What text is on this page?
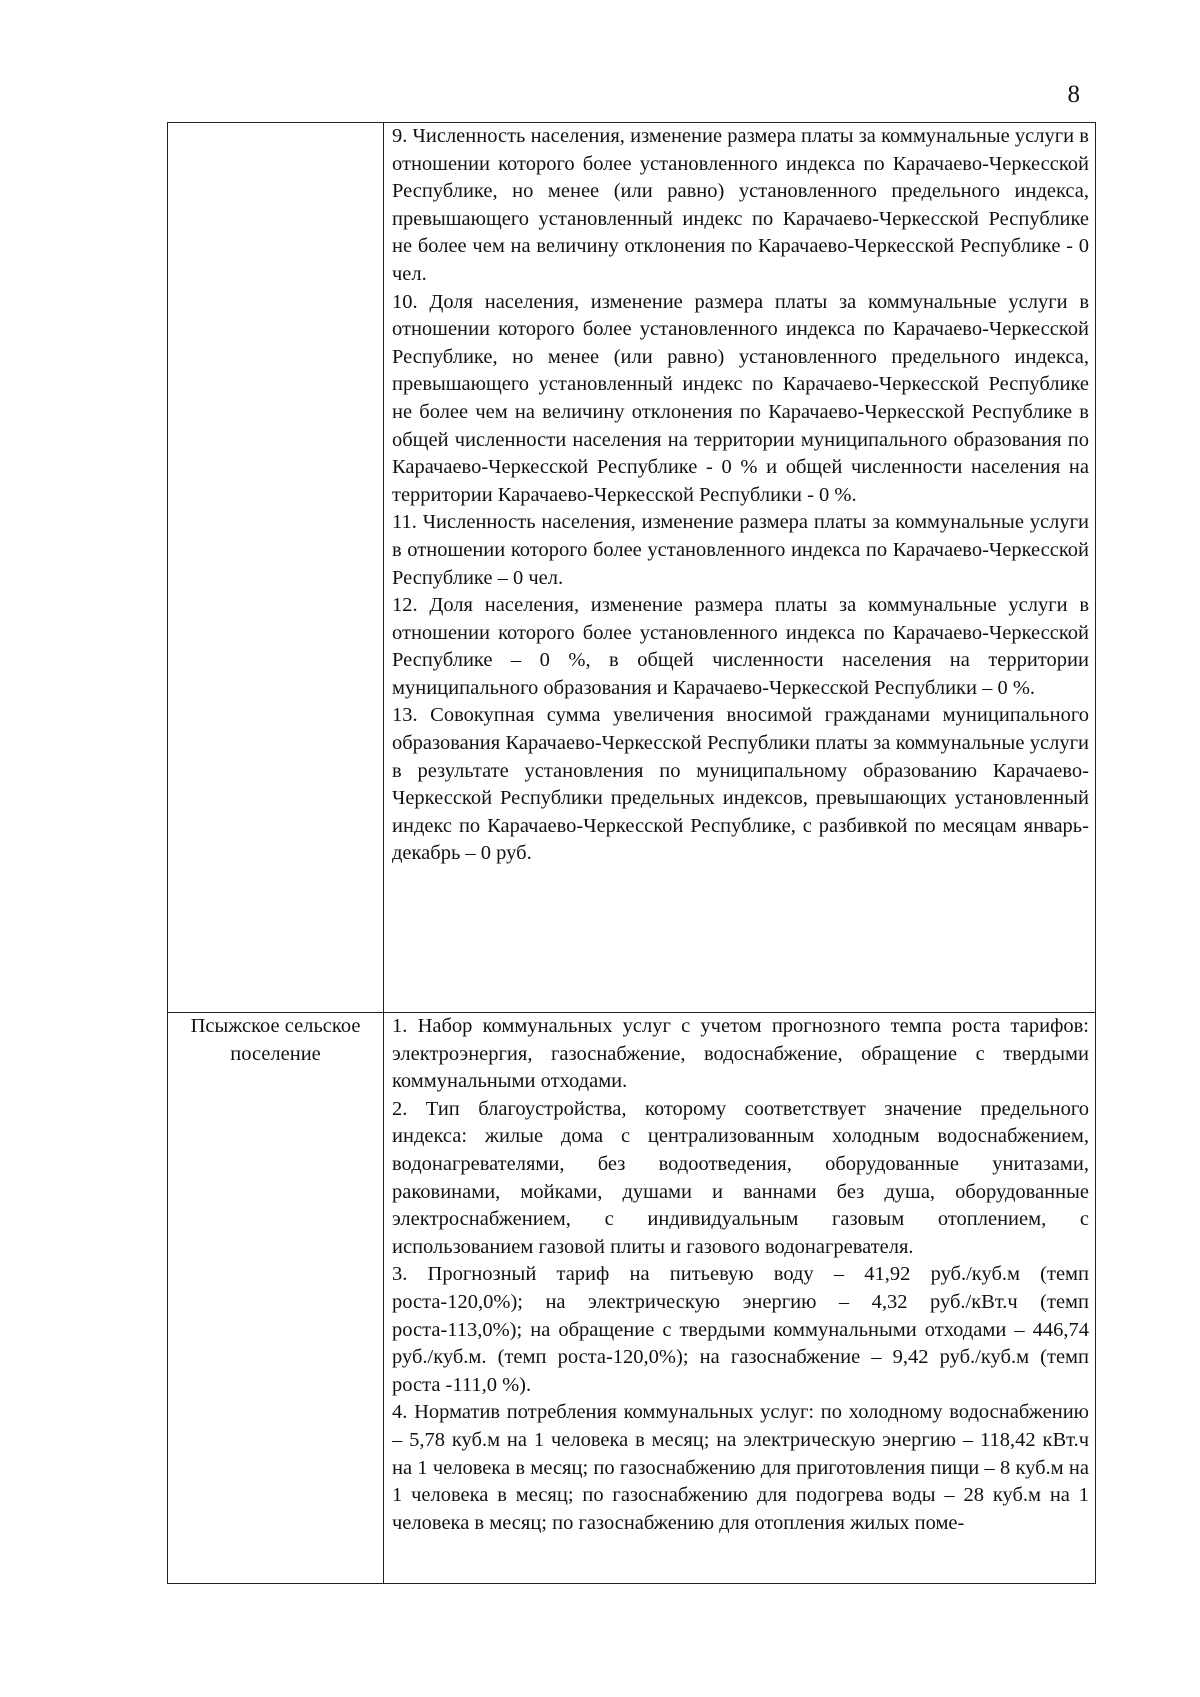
8

	9. Численность населения, изменение размера платы за коммунальные услуги в отношении которого более установленного индекса по Карачаево-Черкесской Республике, но менее (или равно) установленного предельного индекса, превышающего установленный индекс по Карачаево-Черкесской Республике не более чем на величину отклонения по Карачаево-Черкесской Республике - 0 чел.

10. Доля населения, изменение размера платы за коммунальные услуги в отношении которого более установленного индекса по Карачаево-Черкесской Республике, но менее (или равно) установленного предельного индекса, превышающего установленный индекс по Карачаево-Черкесской Республике не более чем на величину отклонения по Карачаево-Черкесской Республике в общей численности населения на территории муниципального образования по Карачаево-Черкесской Республике - 0 % и общей численности населения на территории Карачаево-Черкесской Республики - 0 %.

11. Численность населения, изменение размера платы за коммунальные услуги в отношении которого более установленного индекса по Карачаево-Черкесской Республике – 0 чел.

12. Доля населения, изменение размера платы за коммунальные услуги в отношении которого более установленного индекса по Карачаево-Черкесской Республике – 0 %, в общей численности населения на территории муниципального образования и Карачаево-Черкесской Республики – 0 %.

13. Совокупная сумма увеличения вносимой гражданами муниципального образования Карачаево-Черкесской Республики платы за коммунальные услуги в результате установления по муниципальному образованию Карачаево-Черкесской Республики предельных индексов, превышающих установленный индекс по Карачаево-Черкесской Республике, с разбивкой по месяцам январь-декабрь – 0 руб.

Псыжское сельское поселение	1. Набор коммунальных услуг с учетом прогнозного темпа роста тарифов: электроэнергия, газоснабжение, водоснабжение, обращение с твердыми коммунальными отходами.

2. Тип благоустройства, которому соответствует значение предельного индекса: жилые дома с централизованным холодным водоснабжением, водонагревателями, без водоотведения, оборудованные унитазами, раковинами, мойками, душами и ваннами без душа, оборудованные электроснабжением, с индивидуальным газовым отоплением, с использованием газовой плиты и газового водонагревателя.

3. Прогнозный тариф на питьевую воду – 41,92 руб./куб.м (темп роста-120,0%); на электрическую энергию – 4,32 руб./кВт.ч (темп роста-113,0%); на обращение с твердыми коммунальными отходами – 446,74 руб./куб.м. (темп роста-120,0%); на газоснабжение – 9,42 руб./куб.м (темп роста -111,0 %).

4. Норматив потребления коммунальных услуг: по холодному водоснабжению – 5,78 куб.м на 1 человека в месяц; на электрическую энергию – 118,42 кВт.ч на 1 человека в месяц; по газоснабжению для приготовления пищи – 8 куб.м на 1 человека в месяц; по газоснабжению для подогрева воды – 28 куб.м на 1 человека в месяц; по газоснабжению для отопления жилых поме-
